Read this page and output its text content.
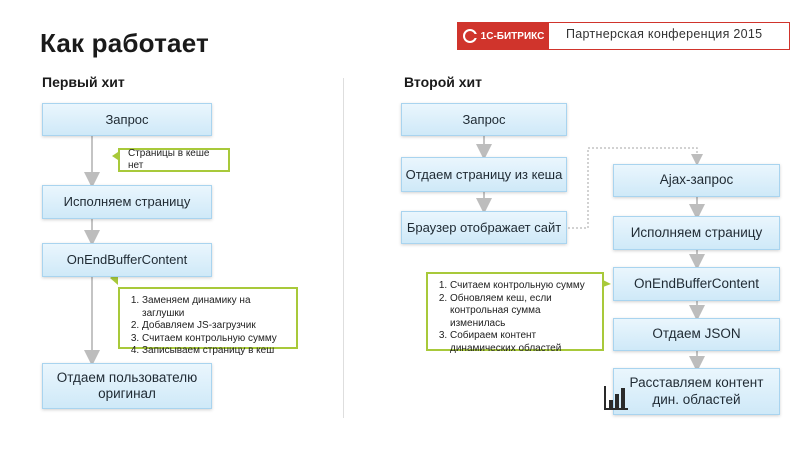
Как работает	1С-БИТРИКС Партнерская конференция 2015
Первый хит	Второй хит
Запрос
Страницы в кеше нет
Исполняем страницу
OnEndBufferContent
1. Заменяем динамику на заглушки
2. Добавляем JS-загрузчик
3. Считаем контрольную сумму
4. Записываем страницу в кеш
Отдаем пользователю оригинал
Запрос
Отдаем страницу из кеша
Браузер отображает сайт
1. Считаем контрольную сумму
2. Обновляем кеш, если контрольная сумма изменилась
3. Собираем контент динамических областей
Ajax-запрос
Исполняем страницу
OnEndBufferContent
Отдаем JSON
Расставляем контент дин. областей
